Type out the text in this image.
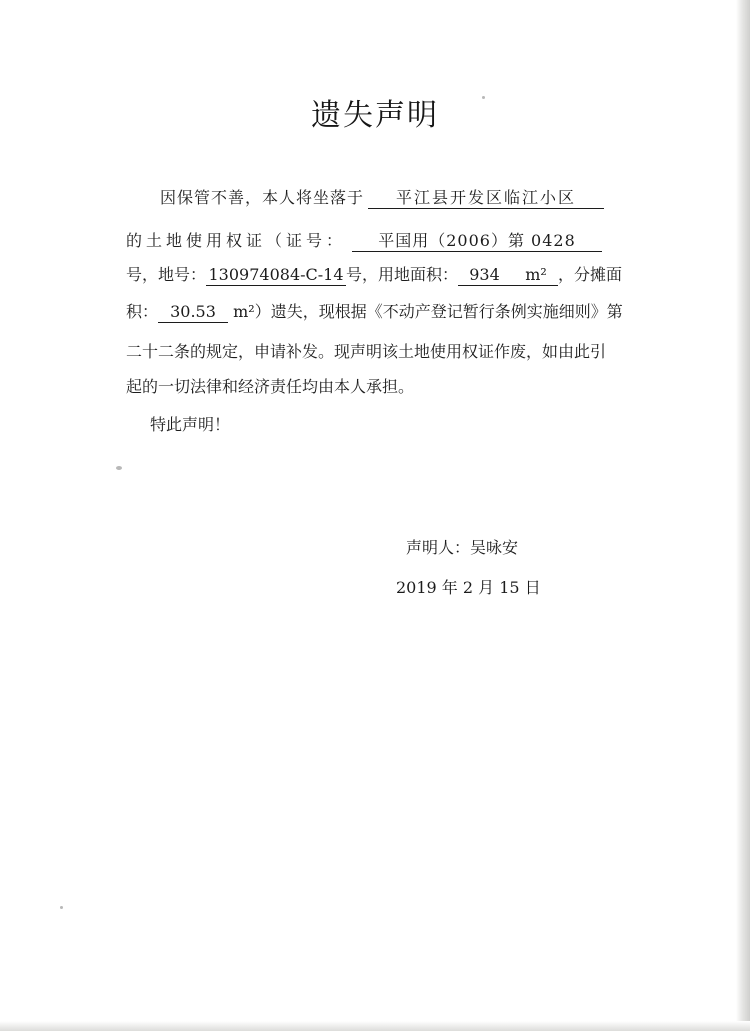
遗失声明
因保管不善，本人将坐落于 平江县开发区临江小区
的土地使用权证（证号： 平国用（2006）第 0428
号，地号： 130974084-C-14 号，用地面积： 934 m² ，分摊面
积： 30.53 m²）遗失，现根据《不动产登记暂行条例实施细则》第
二十二条的规定，申请补发。现声明该土地使用权证作废，如由此引
起的一切法律和经济责任均由本人承担。
特此声明！
声明人：吴咏安
2019 年 2 月 15 日
